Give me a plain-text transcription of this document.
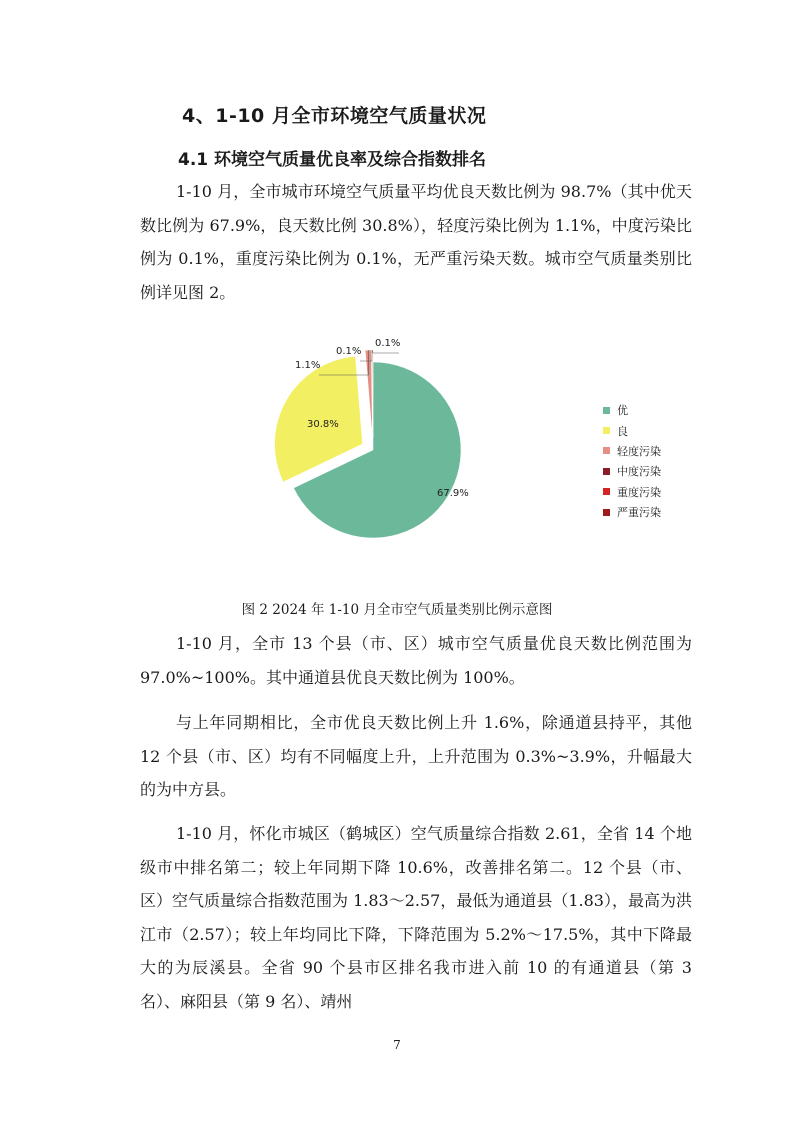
4、1-10 月全市环境空气质量状况
4.1 环境空气质量优良率及综合指数排名

1-10 月，全市城市环境空气质量平均优良天数比例为 98.7%（其中优天数比例为 67.9%，良天数比例 30.8%），轻度污染比例为 1.1%，中度污染比例为 0.1%，重度污染比例为 0.1%，无严重污染天数。城市空气质量类别比例详见图 2。

67.9%
30.8%
1.1%
0.1%
0.1%
优
良
轻度污染
中度污染
重度污染
严重污染
图 2 2024 年 1-10 月全市空气质量类别比例示意图

1-10 月，全市 13 个县（市、区）城市空气质量优良天数比例范围为 97.0%~100%。其中通道县优良天数比例为 100%。

与上年同期相比，全市优良天数比例上升 1.6%，除通道县持平，其他 12 个县（市、区）均有不同幅度上升，上升范围为 0.3%~3.9%，升幅最大的为中方县。

1-10 月，怀化市城区（鹤城区）空气质量综合指数 2.61，全省 14 个地级市中排名第二；较上年同期下降 10.6%，改善排名第二。12 个县（市、区）空气质量综合指数范围为 1.83～2.57，最低为通道县（1.83），最高为洪江市（2.57）；较上年均同比下降，下降范围为 5.2%～17.5%，其中下降最大的为辰溪县。全省 90 个县市区排名我市进入前 10 的有通道县（第 3 名）、麻阳县（第 9 名）、靖州

7
